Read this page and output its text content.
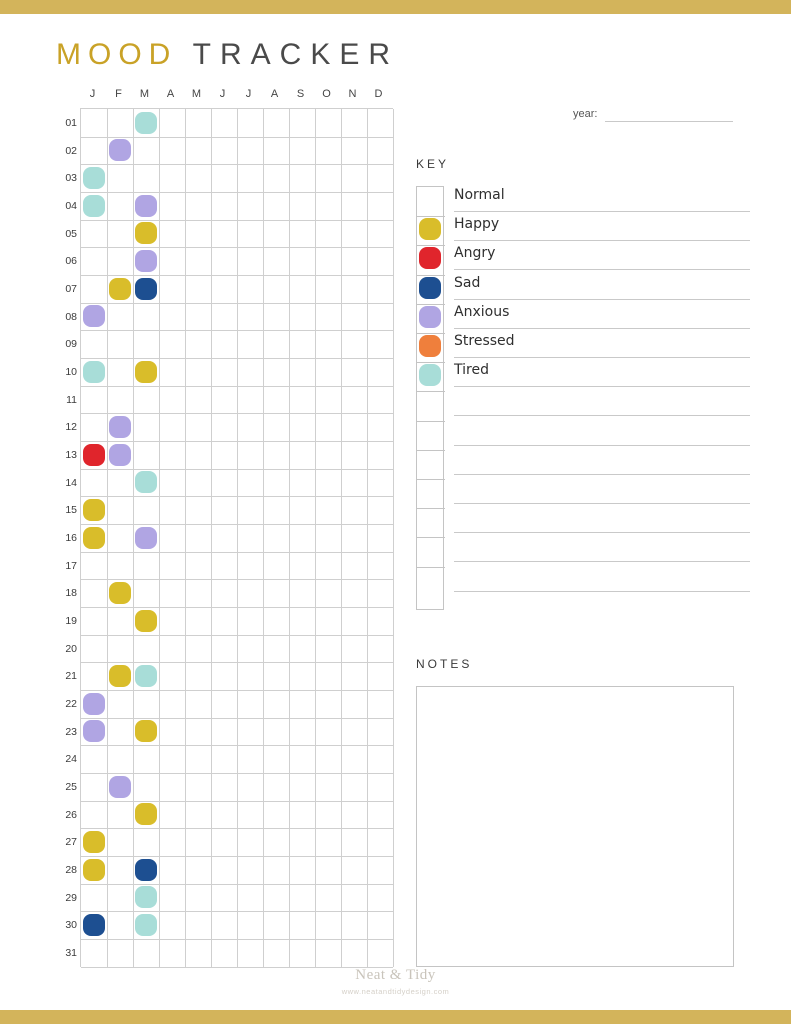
MOOD TRACKER
year:
J	F	M	A	M	J	J	A	S	O	N	D
01
02
03
04
05
06
07
08
09
10
11
12
13
14
15
16
17
18
19
20
21
22
23
24
25
26
27
28
29
30
31
KEY
Normal
Happy
Angry
Sad
Anxious
Stressed
Tired
NOTES
Neat & Tidy
www.neatandtidydesign.com
